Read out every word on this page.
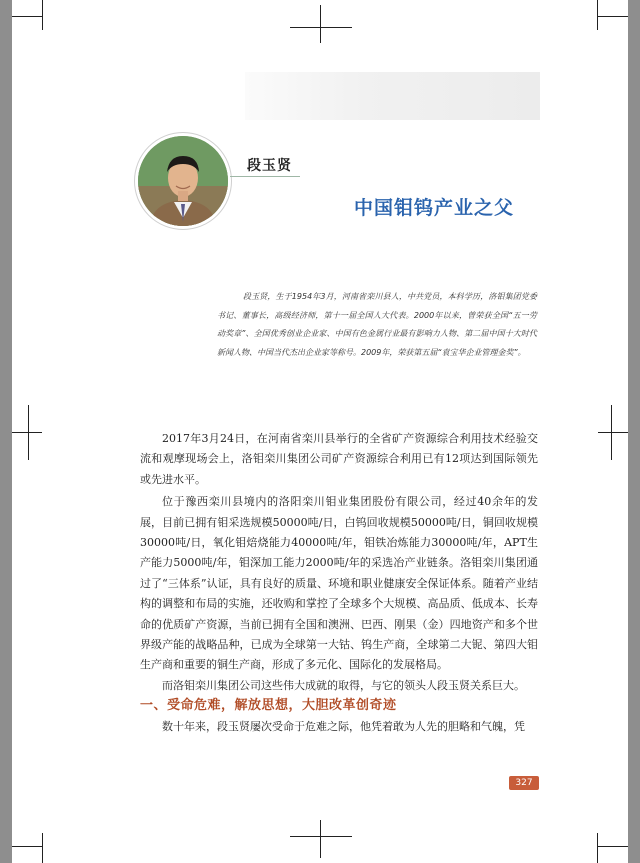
段玉贤
中国钼钨产业之父
段玉贤，生于1954年3月，河南省栾川县人，中共党员，本科学历，洛钼集团党委书记、董事长，高级经济师，第十一届全国人大代表。2000年以来，曾荣获全国“五一劳动奖章”、全国优秀创业企业家、中国有色金属行业最有影响力人物、第二届中国十大时代新闻人物、中国当代杰出企业家等称号。2009年，荣获第五届“袁宝华企业管理金奖”。

2017年3月24日，在河南省栾川县举行的全省矿产资源综合利用技术经验交流和观摩现场会上，洛钼栾川集团公司矿产资源综合利用已有12项达到国际领先或先进水平。

位于豫西栾川县境内的洛阳栾川钼业集团股份有限公司，经过40余年的发展，目前已拥有钼采选规模50000吨/日，白钨回收规模50000吨/日，铜回收规模30000吨/日，氧化钼焙烧能力40000吨/年，钼铁冶炼能力30000吨/年，APT生产能力5000吨/年，钼深加工能力2000吨/年的采选冶产业链条。洛钼栾川集团通过了“三体系”认证，具有良好的质量、环境和职业健康安全保证体系。随着产业结构的调整和布局的实施，还收购和掌控了全球多个大规模、高品质、低成本、长寿命的优质矿产资源，当前已拥有全国和澳洲、巴西、刚果（金）四地资产和多个世界级产能的战略品种，已成为全球第一大钴、钨生产商，全球第二大铌、第四大钼生产商和重要的铜生产商，形成了多元化、国际化的发展格局。

而洛钼栾川集团公司这些伟大成就的取得，与它的领头人段玉贤关系巨大。

一、受命危难，解放思想，大胆改革创奇迹

数十年来，段玉贤屡次受命于危难之际，他凭着敢为人先的胆略和气魄，凭

327
